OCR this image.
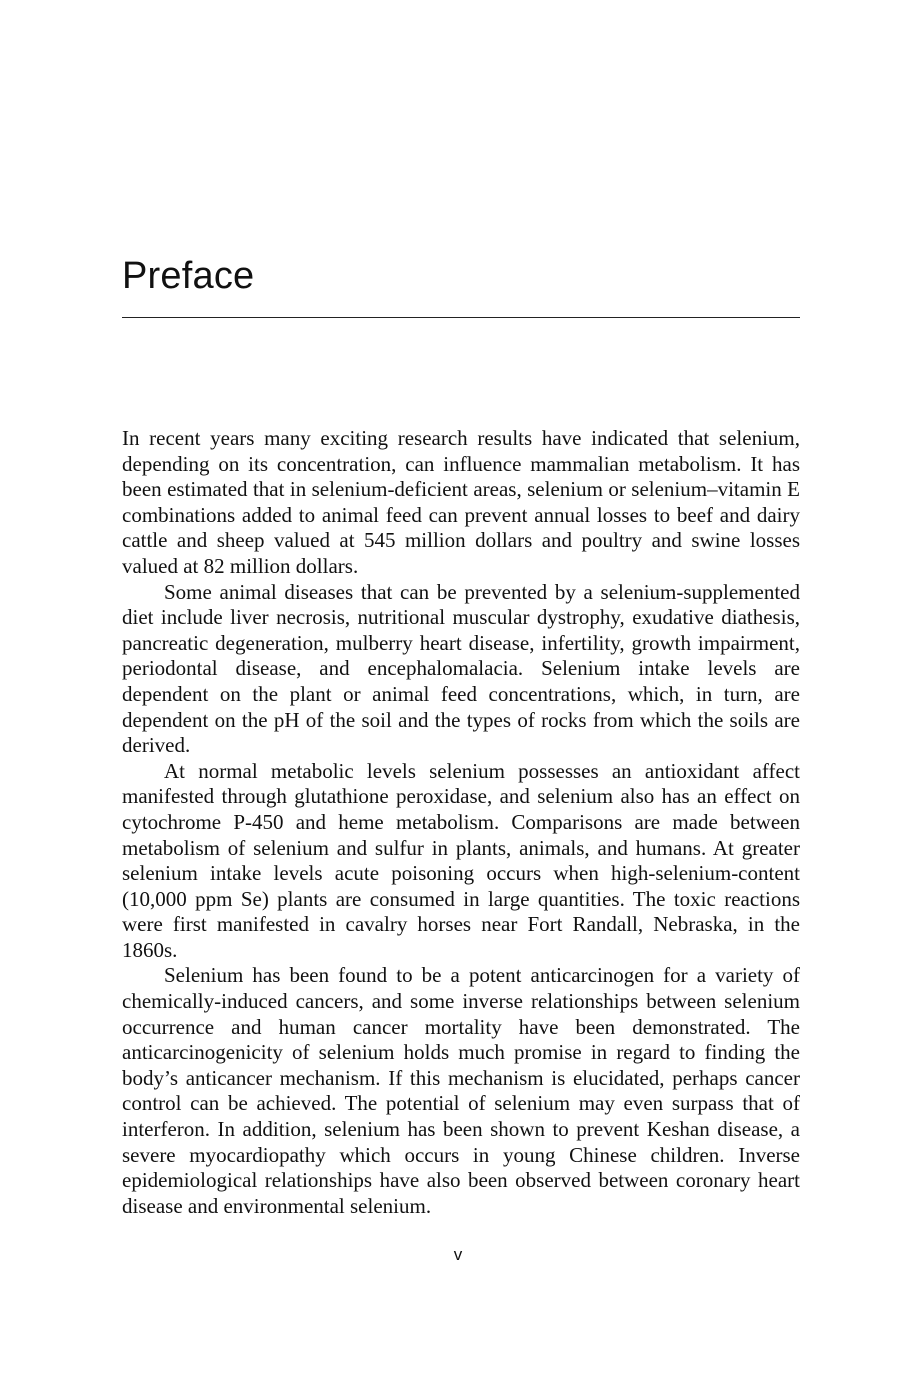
Preface

In recent years many exciting research results have indicated that selenium, depending on its concentration, can influence mammalian metabolism. It has been estimated that in selenium-deficient areas, selenium or selenium–vitamin E combinations added to animal feed can prevent annual losses to beef and dairy cattle and sheep valued at 545 million dollars and poultry and swine losses valued at 82 million dollars.

Some animal diseases that can be prevented by a selenium-supplemented diet include liver necrosis, nutritional muscular dystrophy, exudative diathesis, pancreatic degeneration, mulberry heart disease, infertility, growth impairment, periodontal disease, and encephalomalacia. Selenium intake levels are dependent on the plant or animal feed concentrations, which, in turn, are dependent on the pH of the soil and the types of rocks from which the soils are derived.

At normal metabolic levels selenium possesses an antioxidant affect manifested through glutathione peroxidase, and selenium also has an effect on cytochrome P-450 and heme metabolism. Comparisons are made between metabolism of selenium and sulfur in plants, animals, and humans. At greater selenium intake levels acute poisoning occurs when high-selenium-content (10,000 ppm Se) plants are consumed in large quantities. The toxic reactions were first manifested in cavalry horses near Fort Randall, Nebraska, in the 1860s.

Selenium has been found to be a potent anticarcinogen for a variety of chemically-induced cancers, and some inverse relationships between selenium occurrence and human cancer mortality have been demonstrated. The anticarcinogenicity of selenium holds much promise in regard to finding the body’s anticancer mechanism. If this mechanism is elucidated, perhaps cancer control can be achieved. The potential of selenium may even surpass that of interferon. In addition, selenium has been shown to prevent Keshan disease, a severe myocardiopathy which occurs in young Chinese children. Inverse epidemiological relationships have also been observed between coronary heart disease and environmental selenium.

v
